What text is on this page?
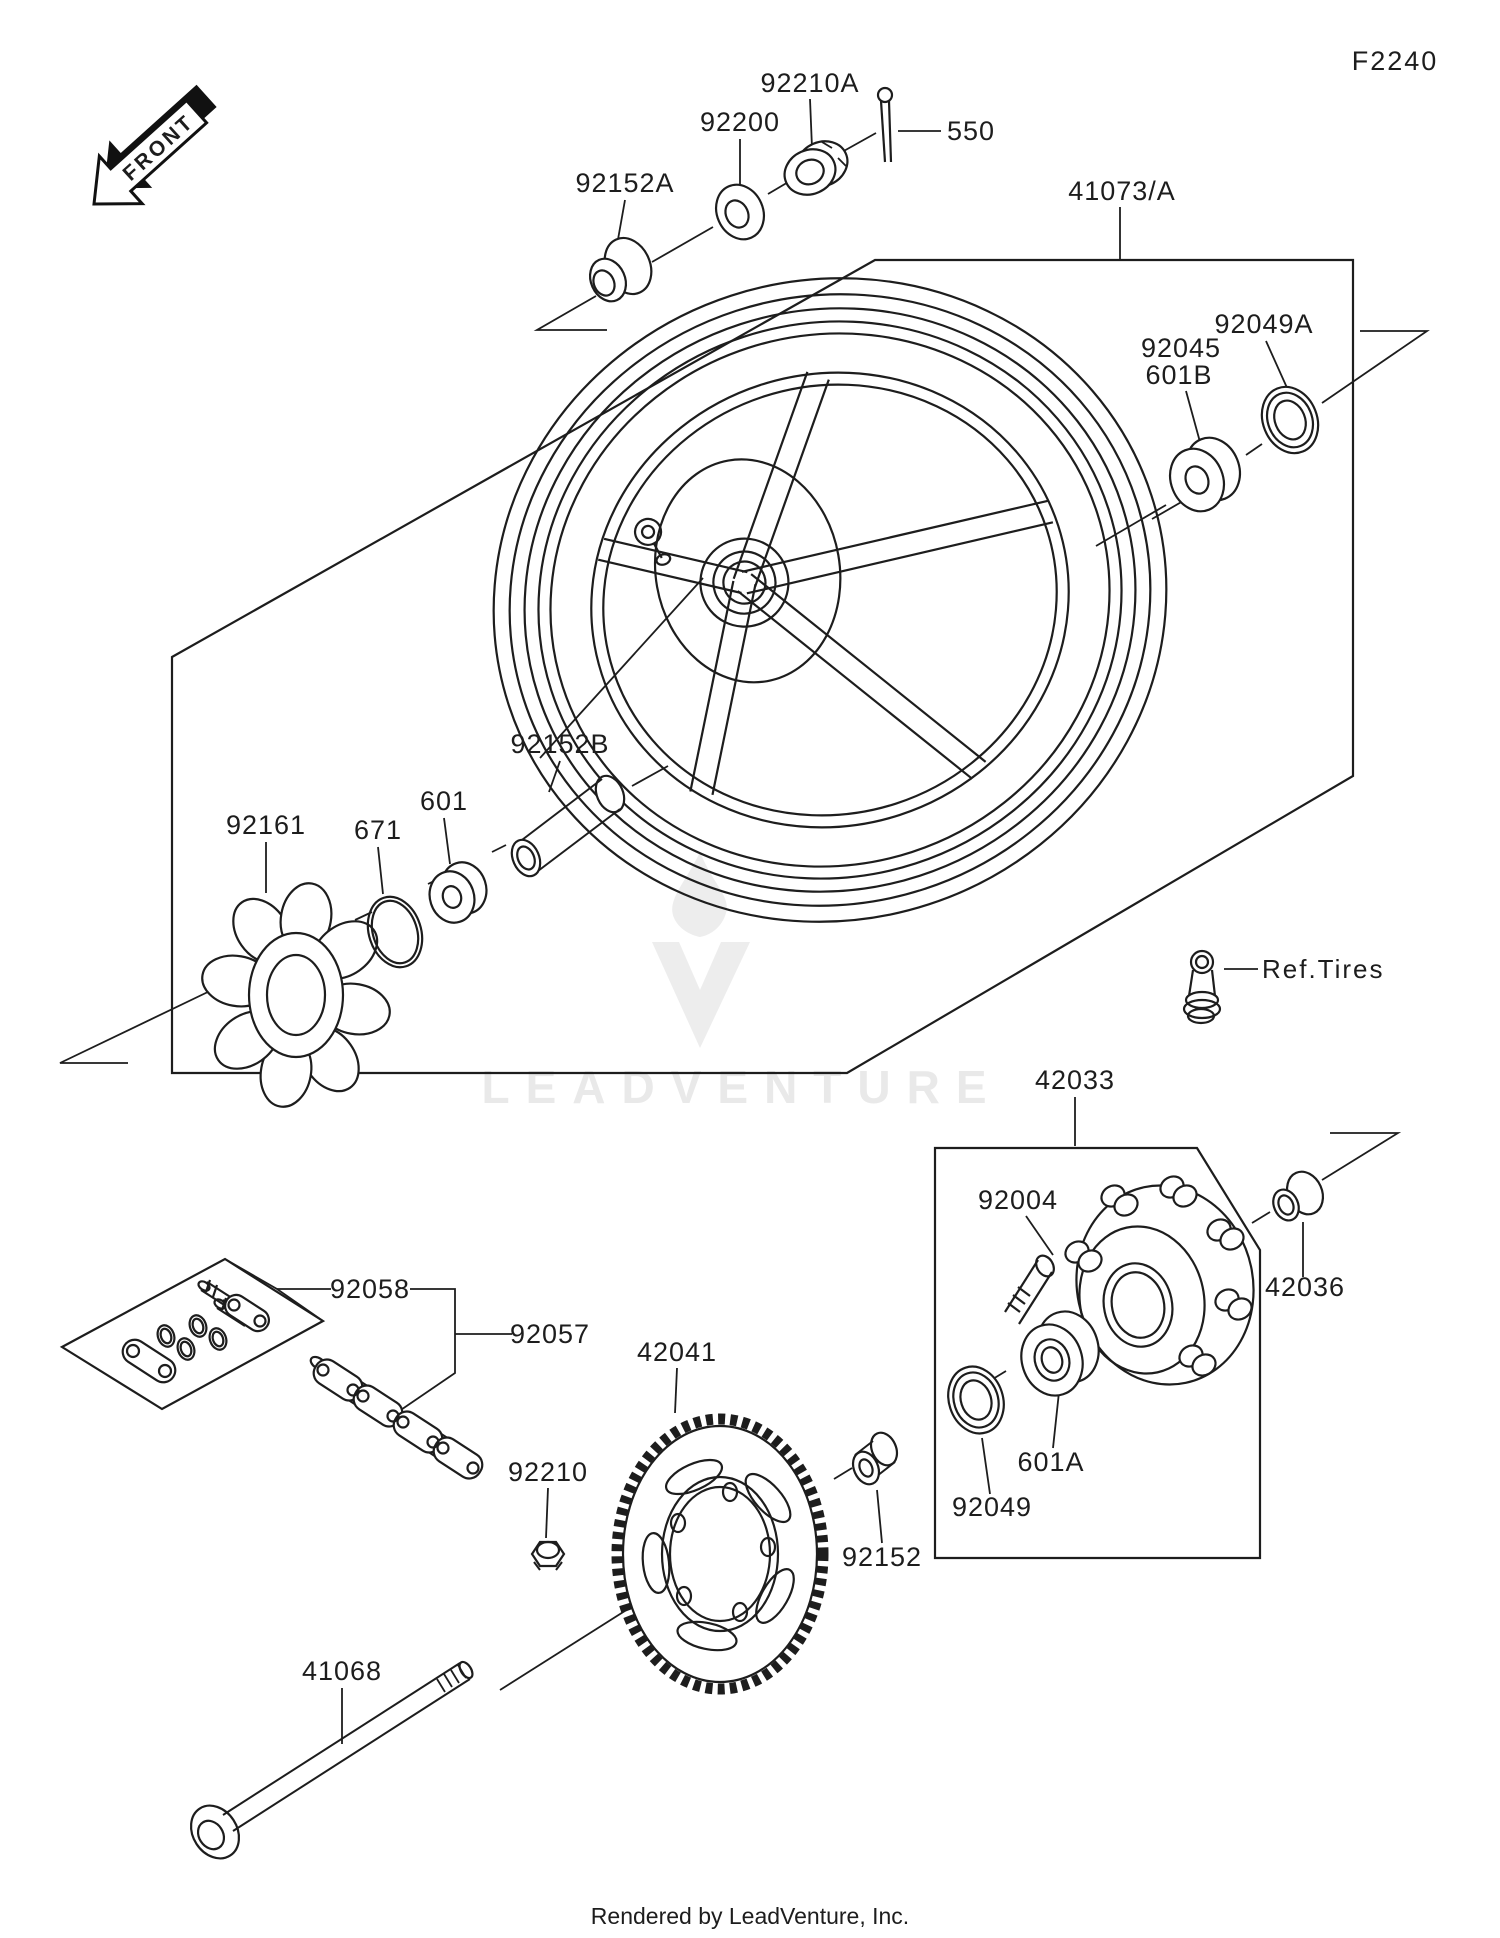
LEADVENTURE
FRONT
F2240
92210A
92200	550
92152A	41073/A
92049A
92045
601B
92152B
601
671
92161
Ref.Tires
42033
92004
42036
601A
92049
92152
42041
92058
92057
92210
41068
Rendered by LeadVenture, Inc.
